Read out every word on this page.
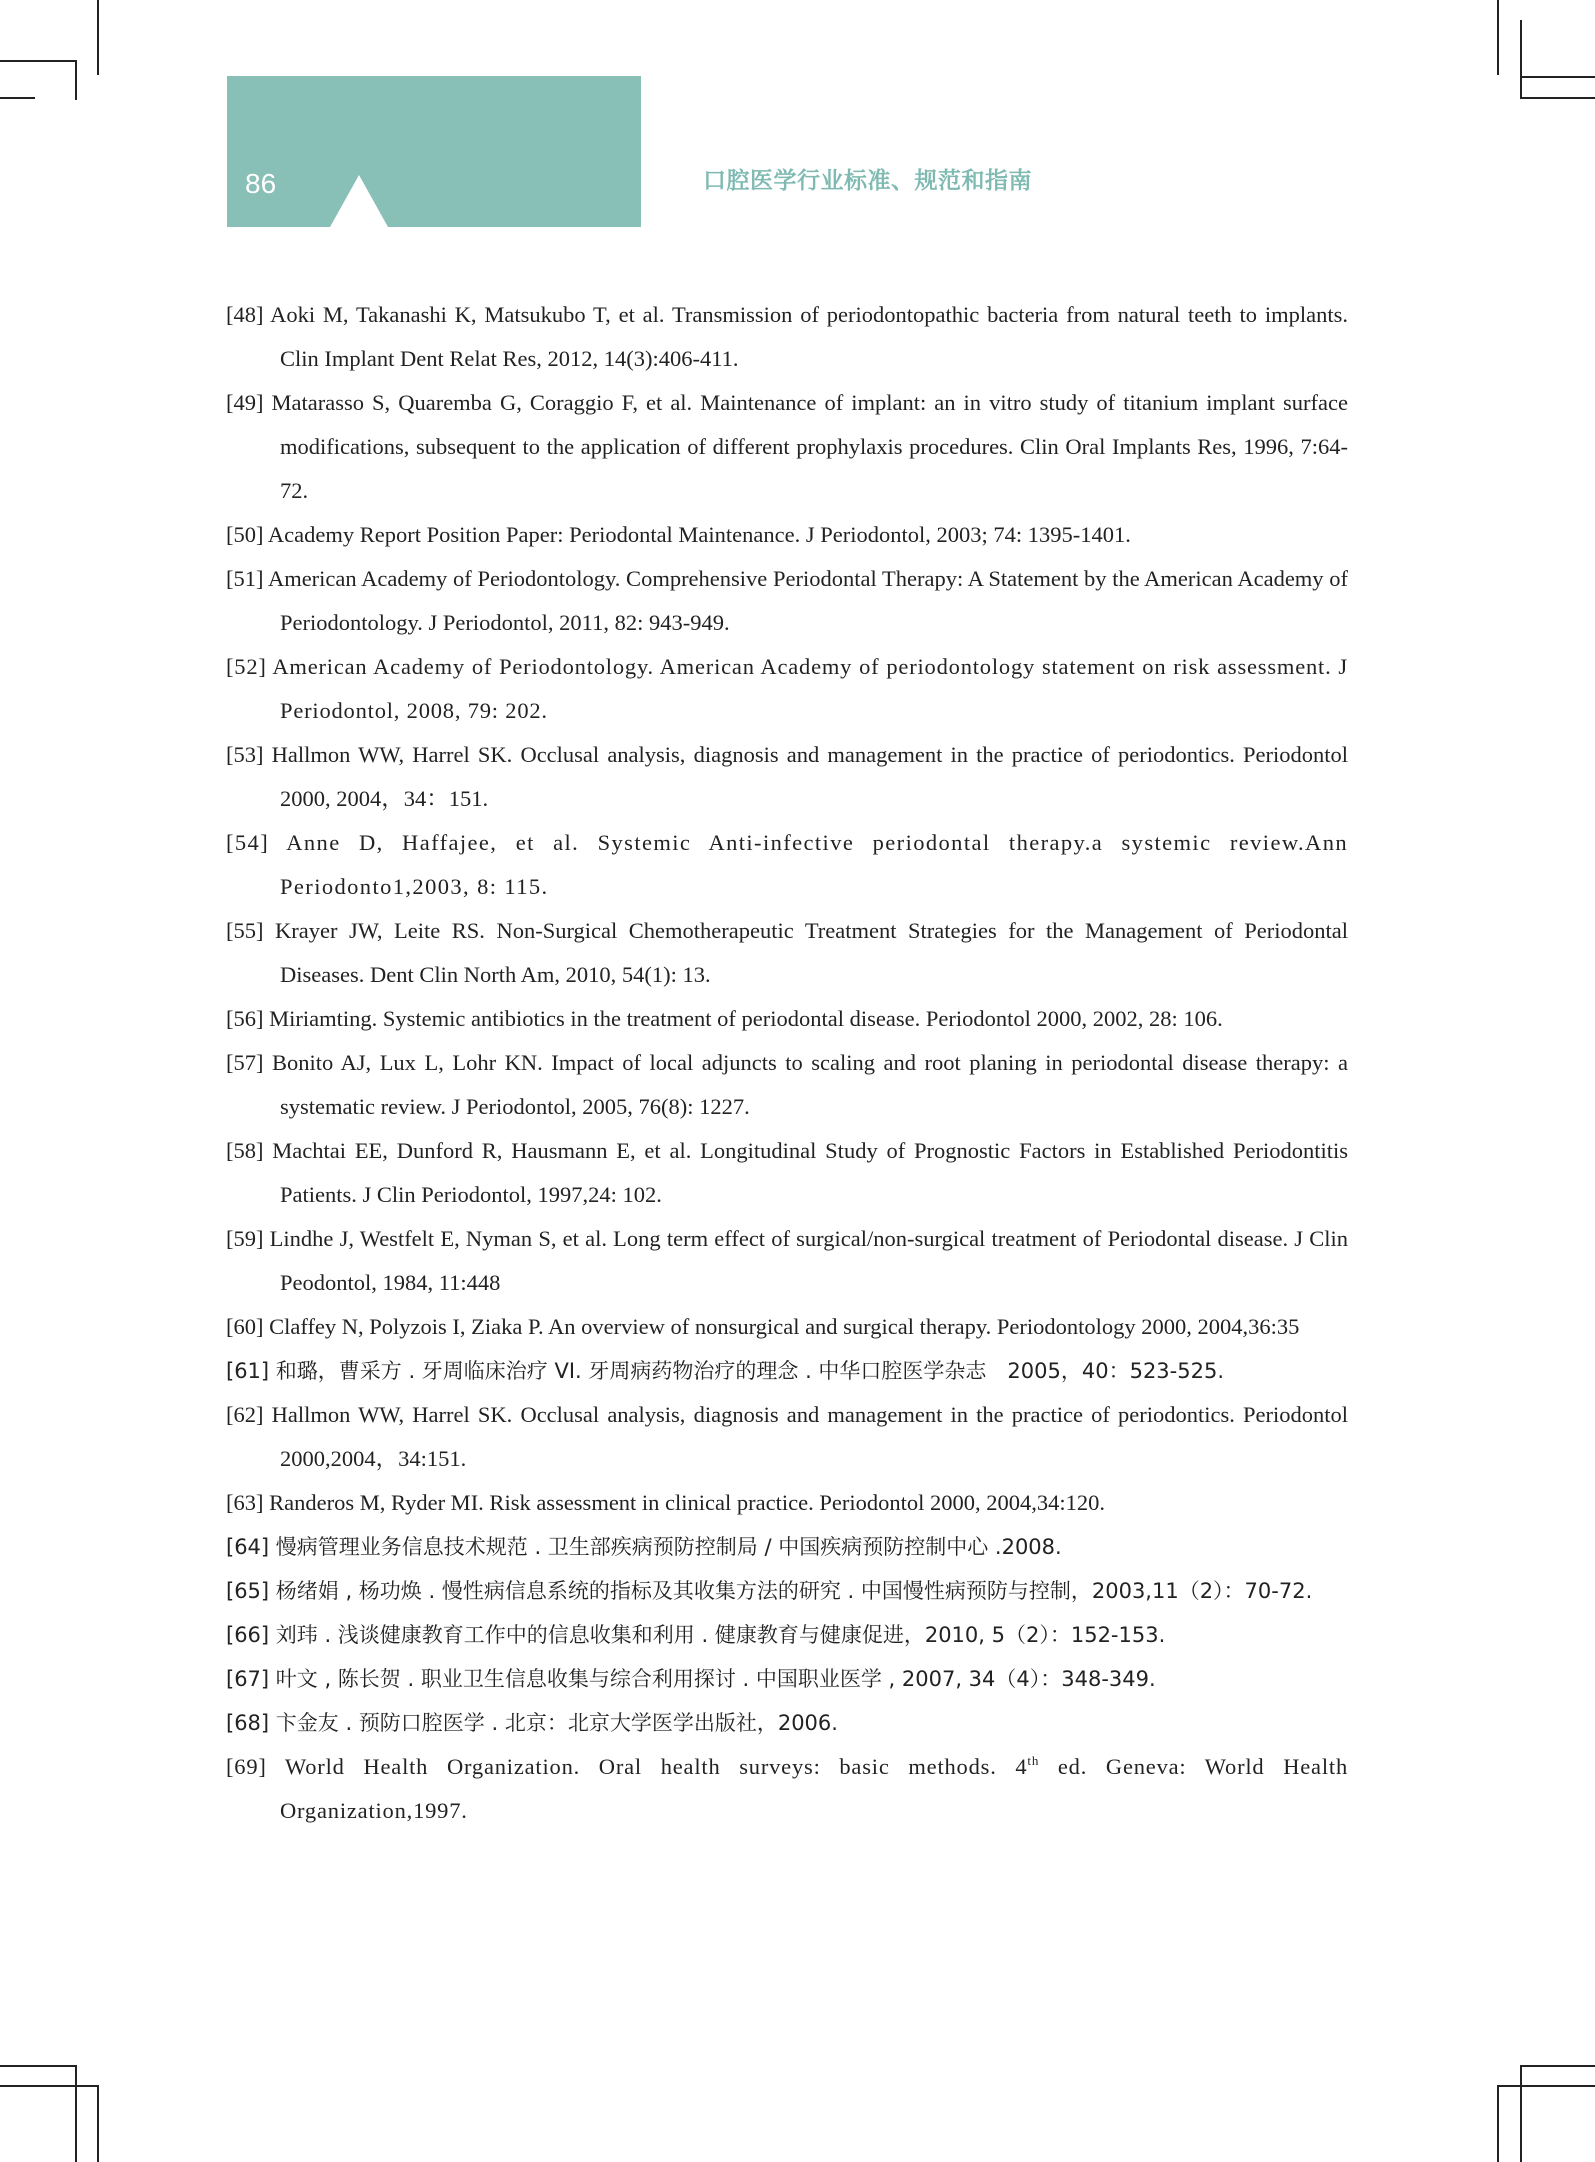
86	口腔医学行业标准、规范和指南
[48] Aoki M, Takanashi K, Matsukubo T, et al. Transmission of periodontopathic bacteria from natural teeth to implants. Clin Implant Dent Relat Res, 2012, 14(3):406-411.
[49] Matarasso S, Quaremba G, Coraggio F, et al. Maintenance of implant: an in vitro study of titanium implant surface modifications, subsequent to the application of different prophylaxis procedures. Clin Oral Implants Res, 1996, 7:64-72.
[50] Academy Report Position Paper: Periodontal Maintenance. J Periodontol, 2003; 74: 1395-1401.
[51] American Academy of Periodontology. Comprehensive Periodontal Therapy: A Statement by the American Academy of Periodontology. J Periodontol, 2011, 82: 943-949.
[52] American Academy of Periodontology. American Academy of periodontology statement on risk assessment. J Periodontol, 2008, 79: 202.
[53] Hallmon WW, Harrel SK. Occlusal analysis, diagnosis and management in the practice of periodontics. Periodontol 2000, 2004，34：151.
[54] Anne D, Haffajee, et al. Systemic Anti-infective periodontal therapy.a systemic review.Ann Periodonto1,2003, 8: 115.
[55] Krayer JW, Leite RS. Non-Surgical Chemotherapeutic Treatment Strategies for the Management of Periodontal Diseases. Dent Clin North Am, 2010, 54(1): 13.
[56] Miriamting. Systemic antibiotics in the treatment of periodontal disease. Periodontol 2000, 2002, 28: 106.
[57] Bonito AJ, Lux L, Lohr KN. Impact of local adjuncts to scaling and root planing in periodontal disease therapy: a systematic review. J Periodontol, 2005, 76(8): 1227.
[58] Machtai EE, Dunford R, Hausmann E, et al. Longitudinal Study of Prognostic Factors in Established Periodontitis Patients. J Clin Periodontol, 1997,24: 102.
[59] Lindhe J, Westfelt E, Nyman S, et al. Long term effect of surgical/non-surgical treatment of Periodontal disease. J Clin Peodontol, 1984, 11:448
[60] Claffey N, Polyzois I, Ziaka P. An overview of nonsurgical and surgical therapy. Periodontology 2000, 2004,36:35
[61] 和璐，曹采方 . 牙周临床治疗 VI. 牙周病药物治疗的理念 . 中华口腔医学杂志　2005，40：523-525.
[62] Hallmon WW, Harrel SK. Occlusal analysis, diagnosis and management in the practice of periodontics. Periodontol 2000,2004，34:151.
[63] Randeros M, Ryder MI. Risk assessment in clinical practice. Periodontol 2000, 2004,34:120.
[64] 慢病管理业务信息技术规范 . 卫生部疾病预防控制局 / 中国疾病预防控制中心 .2008.
[65] 杨绪娟 , 杨功焕 . 慢性病信息系统的指标及其收集方法的研究 . 中国慢性病预防与控制，2003,11（2）：70-72.
[66] 刘玮 . 浅谈健康教育工作中的信息收集和利用 . 健康教育与健康促进，2010, 5（2）：152-153.
[67] 叶文 , 陈长贺 . 职业卫生信息收集与综合利用探讨 . 中国职业医学 , 2007, 34（4）：348-349.
[68] 卞金友 . 预防口腔医学 . 北京：北京大学医学出版社，2006.
[69] World Health Organization. Oral health surveys: basic methods. 4th ed. Geneva: World Health Organization,1997.
